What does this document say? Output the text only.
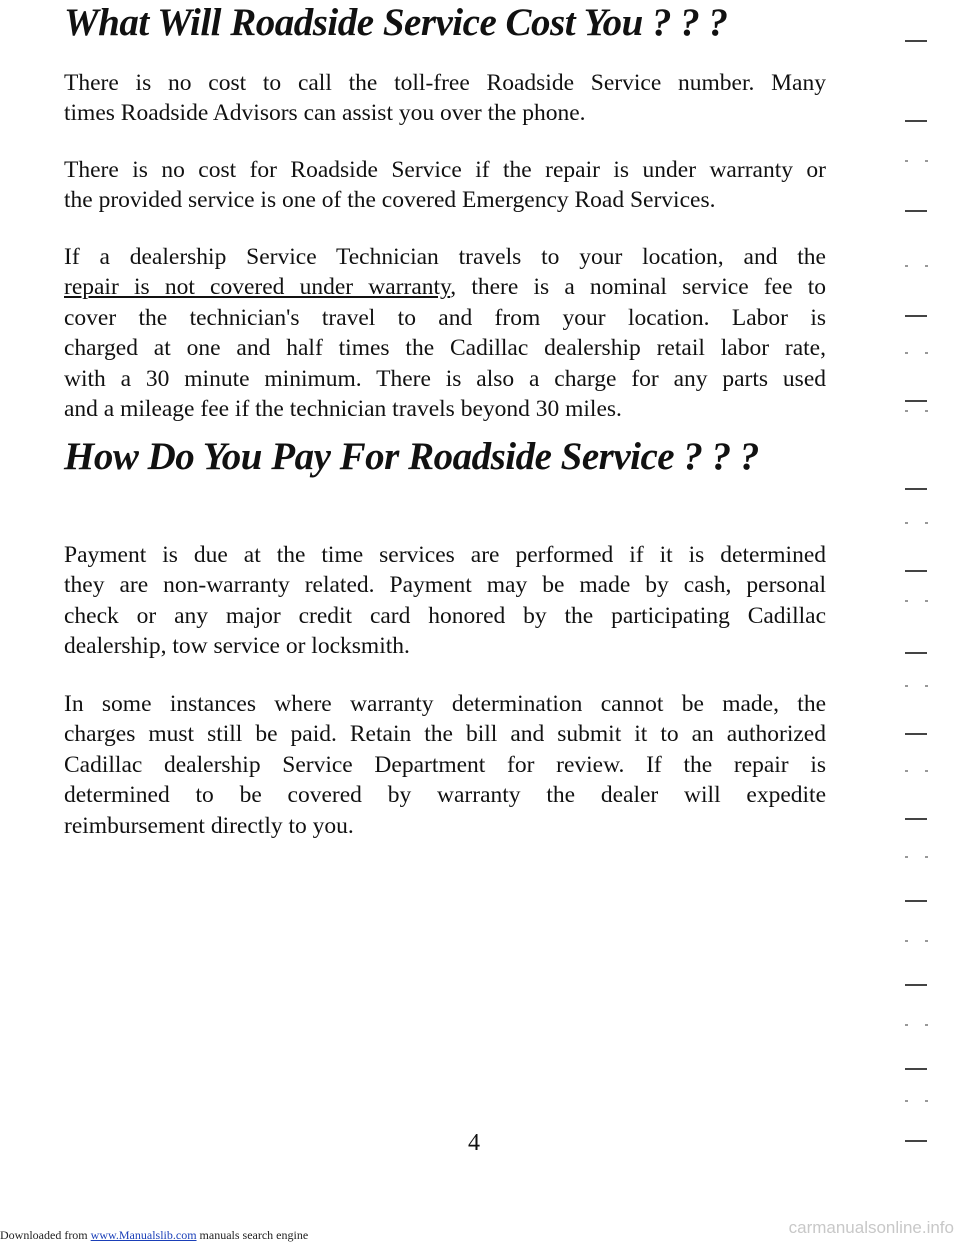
What Will Roadside Service Cost You ? ? ?

There is no cost to call the toll-free Roadside Service number. Many
times Roadside Advisors can assist you over the phone.

There is no cost for Roadside Service if the repair is under warranty or
the provided service is one of the covered Emergency Road Services.

If a dealership Service Technician travels to your location, and the
repair is not covered under warranty, there is a nominal service fee to
cover the technician's travel to and from your location. Labor is
charged at one and half times the Cadillac dealership retail labor rate,
with a 30 minute minimum. There is also a charge for any parts used
and a mileage fee if the technician travels beyond 30 miles.

How Do You Pay For Roadside Service ? ? ?

Payment is due at the time services are performed if it is determined
they are non-warranty related. Payment may be made by cash, personal
check or any major credit card honored by the participating Cadillac
dealership, tow service or locksmith.

In some instances where warranty determination cannot be made, the
charges must still be paid. Retain the bill and submit it to an authorized
Cadillac dealership Service Department for review. If the repair is
determined to be covered by warranty the dealer will expedite
reimbursement directly to you.

4
Downloaded from www.Manualslib.com manuals search engine	carmanualsonline.info
